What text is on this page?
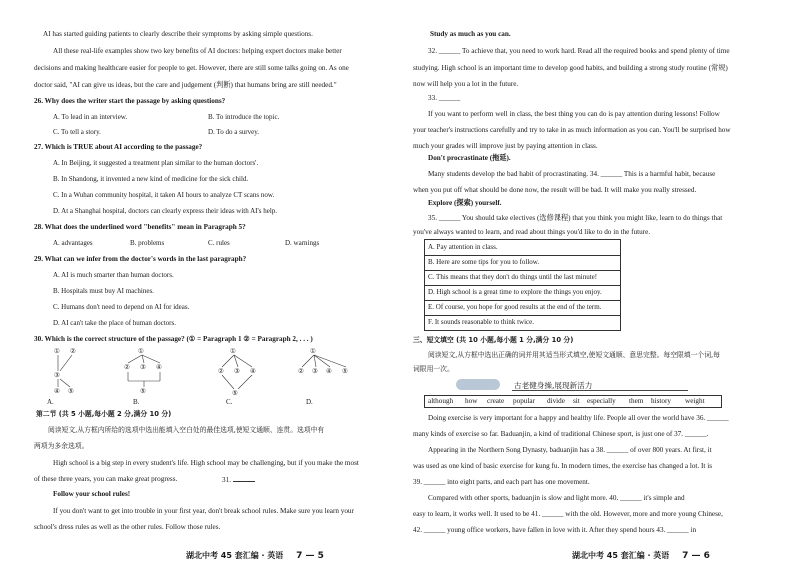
AI has started guiding patients to clearly describe their symptoms by asking simple questions.
All these real-life examples show two key benefits of AI doctors: helping expert doctors make better
decisions and making healthcare easier for people to get. However, there are still some talks going on. As one
doctor said, "AI can give us ideas, but the care and judgement (判断) that humans bring are still needed."
26. Why does the writer start the passage by asking questions?
A. To lead in an interview.	B. To introduce the topic.
C. To tell a story.	D. To do a survey.
27. Which is TRUE about AI according to the passage?
A. In Beijing, it suggested a treatment plan similar to the human doctors'.
B. In Shandong, it invented a new kind of medicine for the sick child.
C. In a Wuhan community hospital, it taken AI hours to analyze CT scans now.
D. At a Shanghai hospital, doctors can clearly express their ideas with AI's help.
28. What does the underlined word "benefits" mean in Paragraph 5?
A. advantages	B. problems	C. rules	D. warnings
29. What can we infer from the doctor's words in the last paragraph?
A. AI is much smarter than human doctors.
B. Hospitals must buy AI machines.
C. Humans don't need to depend on AI for ideas.
D. AI can't take the place of human doctors.
30. Which is the correct structure of the passage? (① = Paragraph 1 ② = Paragraph 2, . . . )
① ②
③
④ ⑤
①
② ③ ④
⑤
①
② ③ ④
⑤
①
② ③ ④ ⑤
A.	B.	C.	D.
第二节 (共 5 小题,每小题 2 分,满分 10 分)
阅读短文,从方框内所给的选项中选出能填入空白处的最佳选项,使短文通顺、连贯。选项中有
两项为多余选项。
High school is a big step in every student's life. High school may be challenging, but if you make the most
of these three years, you can make great progress.	31.
Follow your school rules!
If you don't want to get into trouble in your first year, don't break school rules. Make sure you learn your
school's dress rules as well as the other rules. Follow those rules.
湖北中考 45 套汇编 · 英语 7 — 5
Study as much as you can.
32. ______ To achieve that, you need to work hard. Read all the required books and spend plenty of time
studying. High school is an important time to develop good habits, and building a strong study routine (常规)
now will help you a lot in the future.
33. ______
If you want to perform well in class, the best thing you can do is pay attention during lessons! Follow
your teacher's instructions carefully and try to take in as much information as you can. You'll be surprised how
much your grades will improve just by paying attention in class.
Don't procrastinate (拖延).
Many students develop the bad habit of procrastinating. 34. ______ This is a harmful habit, because
when you put off what should be done now, the result will be bad. It will make you really stressed.
Explore (探索) yourself.
35. ______ You should take electives (选修课程) that you think you might like, learn to do things that
you've always wanted to learn, and read about things you'd like to do in the future.
A. Pay attention in class.
B. Here are some tips for you to follow.
C. This means that they don't do things until the last minute!
D. High school is a great time to explore the things you enjoy.
E. Of course, you hope for good results at the end of the term.
F. It sounds reasonable to think twice.
三、短文填空 (共 10 小题,每小题 1 分,满分 10 分)
阅读短文,从方框中选出正确的词并用其适当形式填空,使短文通顺、意思完整。每空限填一个词,每
词限用一次。
古老健身操,展现新活力
although how create popular divide sit especially them history weight
Doing exercise is very important for a happy and healthy life. People all over the world have 36. ______
many kinds of exercise so far. Baduanjin, a kind of traditional Chinese sport, is just one of 37. ______.
Appearing in the Northern Song Dynasty, baduanjin has a 38. ______ of over 800 years. At first, it
was used as one kind of basic exercise for kung fu. In modern times, the exercise has changed a lot. It is
39. ______ into eight parts, and each part has one movement.
Compared with other sports, baduanjin is slow and light more. 40. ______ it's simple and
easy to learn, it works well. It used to be 41. ______ with the old. However, more and more young Chinese,
42. ______ young office workers, have fallen in love with it. After they spend hours 43. ______ in
湖北中考 45 套汇编 · 英语 7 — 6
